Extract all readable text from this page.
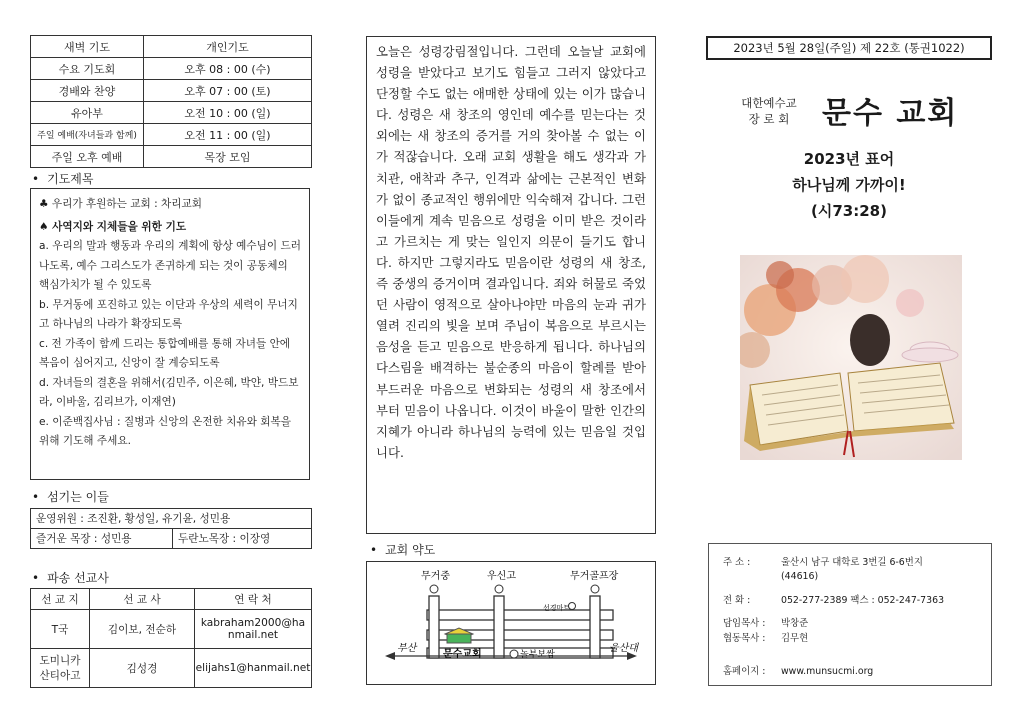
새벽 기도	개인기도
수요 기도회	오후 08 : 00 (수)
경배와 찬양	오후 07 : 00 (토)
유아부	오전 10 : 00 (일)
주일 예배(자녀들과 함께)	오전 11 : 00 (일)
주일 오후 예배	목장 모임
• 기도제목

♣ 우리가 후원하는 교회 : 차리교회

♠ 사역지와 지체들을 위한 기도

a. 우리의 말과 행동과 우리의 계획에 항상 예수님이 드러나도록, 예수 그리스도가 존귀하게 되는 것이 공동체의 핵심가치가 될 수 있도록

b. 무거동에 포진하고 있는 이단과 우상의 세력이 무너지고 하나님의 나라가 확장되도록

c. 전 가족이 함께 드리는 통합예배를 통해 자녀들 안에 복음이 심어지고, 신앙이 잘 계승되도록

d. 자녀들의 결혼을 위해서(김민주, 이은혜, 박얀, 박드보라, 이바울, 김리브가, 이재연)

e. 이준백집사님 : 질병과 신앙의 온전한 치유와 회복을 위해 기도해 주세요.

• 섬기는 이들
운영위원 : 조진환, 황성일, 유기윤, 성민용
즐거운 목장 : 성민용	두란노목장 : 이장영
• 파송 선교사
선 교 지	선 교 사	연 락 처
T국	김이보, 전순하	kabraham2000@hanmail.net
도미니카 산티아고	김성경	elijahs1@hanmail.net
오늘은 성령강림절입니다. 그런데 오늘날 교회에 성령을 받았다고 보기도 힘들고 그러지 않았다고 단정할 수도 없는 애매한 상태에 있는 이가 많습니다. 성령은 새 창조의 영인데 예수를 믿는다는 것 외에는 새 창조의 증거를 거의 찾아볼 수 없는 이가 적잖습니다. 오래 교회 생활을 해도 생각과 가치관, 애착과 추구, 인격과 삶에는 근본적인 변화가 없이 종교적인 행위에만 익숙해져 갑니다. 그런 이들에게 계속 믿음으로 성령을 이미 받은 것이라고 가르치는 게 맞는 일인지 의문이 들기도 합니다. 하지만 그렇지라도 믿음이란 성령의 새 창조, 즉 중생의 증거이며 결과입니다. 죄와 허물로 죽었던 사람이 영적으로 살아나야만 마음의 눈과 귀가 열려 진리의 빛을 보며 주님이 복음으로 부르시는 음성을 듣고 믿음으로 반응하게 됩니다. 하나님의 다스림을 배격하는 불순종의 마음이 할례를 받아 부드러운 마음으로 변화되는 성령의 새 창조에서부터 믿음이 나옵니다. 이것이 바울이 말한 인간의 지혜가 아니라 하나님의 능력에 있는 믿음일 것입니다.
• 교회 약도
무거중	우신고	무거골프장
선경마트
문수교회	놀부보쌈
부산	울산대
2023년 5월 28일(주일) 제 22호 (통권1022)
대한예수교
장 로 회	문수 교회
2023년 표어
하나님께 가까이!
(시73:28)
주 소 :	울산시 남구 대학로 3번길 6-6번지
(44616)
전 화 :	052-277-2389 팩스 : 052-247-7363
담임목사 : 박창준
협동목사 : 김무현
홈페이지 : www.munsucmi.org
